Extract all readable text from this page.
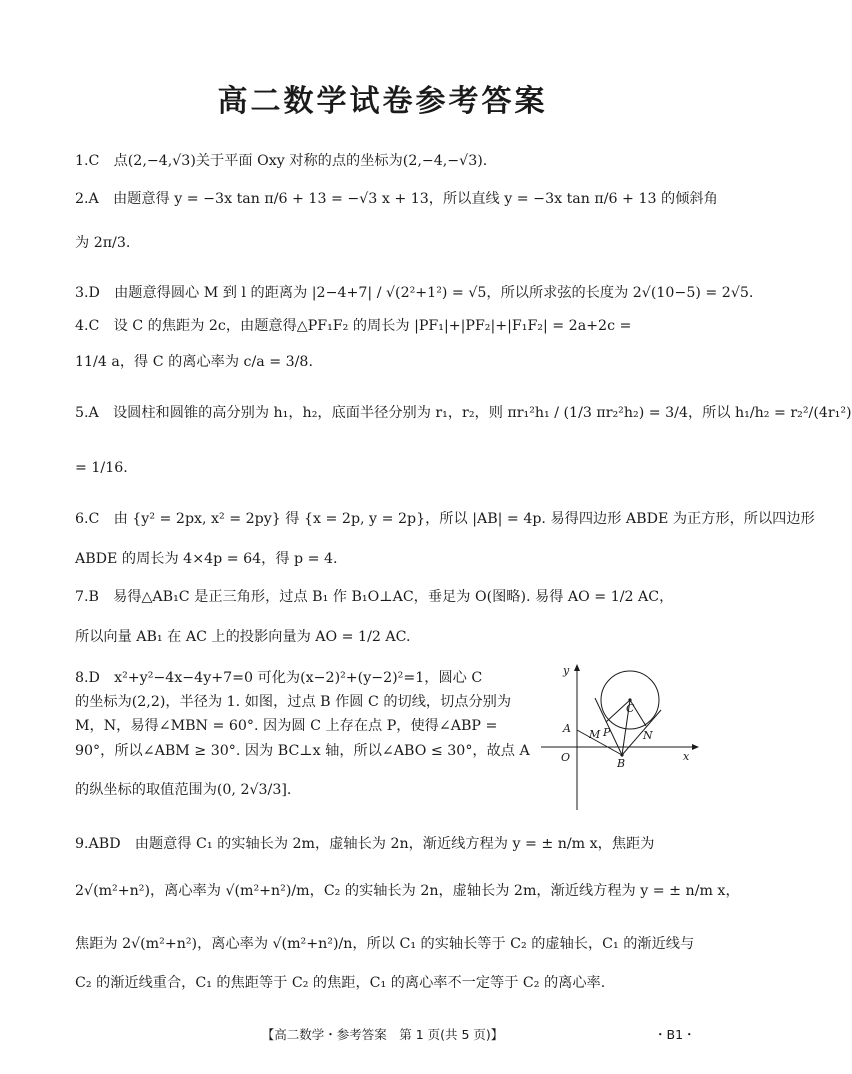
高二数学试卷参考答案
1.C　点(2,−4,√3)关于平面 Oxy 对称的点的坐标为(2,−4,−√3).
2.A　由题意得 y = −3x tan π/6 + 13 = −√3 x + 13，所以直线 y = −3x tan π/6 + 13 的倾斜角
为 2π/3.
3.D　由题意得圆心 M 到 l 的距离为 |2−4+7| / √(2²+1²) = √5，所以所求弦的长度为 2√(10−5) = 2√5.
4.C　设 C 的焦距为 2c，由题意得△PF₁F₂ 的周长为 |PF₁|+|PF₂|+|F₁F₂| = 2a+2c =
11/4 a，得 C 的离心率为 c/a = 3/8.
5.A　设圆柱和圆锥的高分别为 h₁，h₂，底面半径分别为 r₁，r₂，则 πr₁²h₁ / (1/3 πr₂²h₂) = 3/4，所以 h₁/h₂ = r₂²/(4r₁²)
= 1/16.
6.C　由 {y² = 2px, x² = 2py} 得 {x = 2p, y = 2p}，所以 |AB| = 4p. 易得四边形 ABDE 为正方形，所以四边形
ABDE 的周长为 4×4p = 64，得 p = 4.
7.B　易得△AB₁C 是正三角形，过点 B₁ 作 B₁O⊥AC，垂足为 O(图略). 易得 AO = 1/2 AC，
所以向量 AB₁ 在 AC 上的投影向量为 AO = 1/2 AC.
8.D　x²+y²−4x−4y+7=0 可化为(x−2)²+(y−2)²=1，圆心 C
的坐标为(2,2)，半径为 1. 如图，过点 B 作圆 C 的切线，切点分别为
M，N，易得∠MBN = 60°. 因为圆 C 上存在点 P，使得∠ABP =
90°，所以∠ABM ≥ 30°. 因为 BC⊥x 轴，所以∠ABO ≤ 30°，故点 A
的纵坐标的取值范围为(0, 2√3/3].
9.ABD　由题意得 C₁ 的实轴长为 2m，虚轴长为 2n，渐近线方程为 y = ± n/m x，焦距为
2√(m²+n²)，离心率为 √(m²+n²)/m，C₂ 的实轴长为 2n，虚轴长为 2m，渐近线方程为 y = ± n/m x，
焦距为 2√(m²+n²)，离心率为 √(m²+n²)/n，所以 C₁ 的实轴长等于 C₂ 的虚轴长，C₁ 的渐近线与
C₂ 的渐近线重合，C₁ 的焦距等于 C₂ 的焦距，C₁ 的离心率不一定等于 C₂ 的离心率.
y
x
O
A
B
C
M	N
P
【高二数学・参考答案　第 1 页(共 5 页)】	・B1・
